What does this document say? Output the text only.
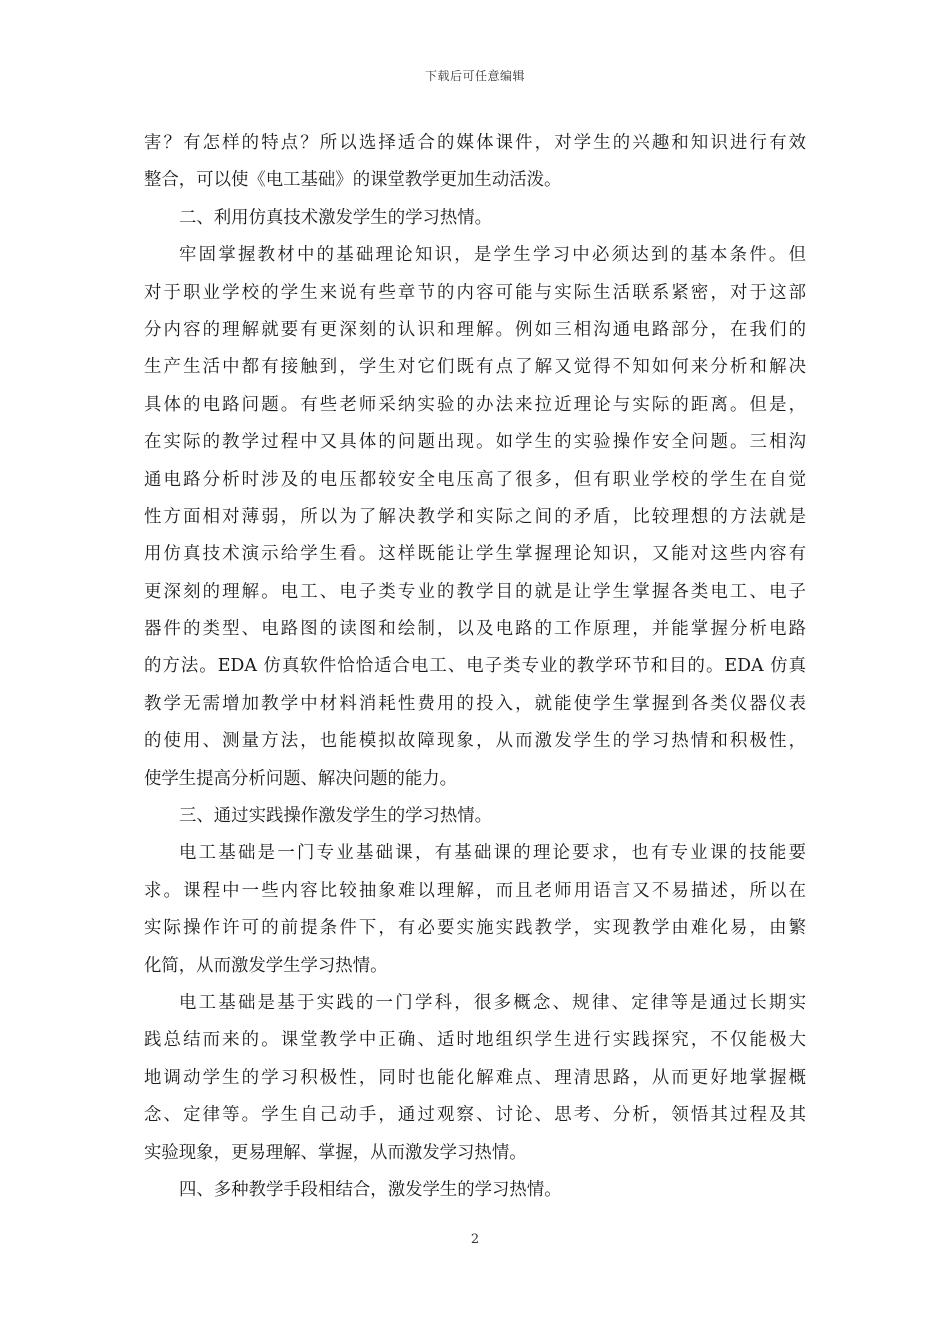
下载后可任意编辑
害？有怎样的特点？所以选择适合的媒体课件，对学生的兴趣和知识进行有效
整合，可以使《电工基础》的课堂教学更加生动活泼。
二、利用仿真技术激发学生的学习热情。
牢固掌握教材中的基础理论知识，是学生学习中必须达到的基本条件。但
对于职业学校的学生来说有些章节的内容可能与实际生活联系紧密，对于这部
分内容的理解就要有更深刻的认识和理解。例如三相沟通电路部分，在我们的
生产生活中都有接触到，学生对它们既有点了解又觉得不知如何来分析和解决
具体的电路问题。有些老师采纳实验的办法来拉近理论与实际的距离。但是，
在实际的教学过程中又具体的问题出现。如学生的实验操作安全问题。三相沟
通电路分析时涉及的电压都较安全电压高了很多，但有职业学校的学生在自觉
性方面相对薄弱，所以为了解决教学和实际之间的矛盾，比较理想的方法就是
用仿真技术演示给学生看。这样既能让学生掌握理论知识，又能对这些内容有
更深刻的理解。电工、电子类专业的教学目的就是让学生掌握各类电工、电子
器件的类型、电路图的读图和绘制，以及电路的工作原理，并能掌握分析电路
的方法。EDA 仿真软件恰恰适合电工、电子类专业的教学环节和目的。EDA 仿真
教学无需增加教学中材料消耗性费用的投入，就能使学生掌握到各类仪器仪表
的使用、测量方法，也能模拟故障现象，从而激发学生的学习热情和积极性，
使学生提高分析问题、解决问题的能力。
三、通过实践操作激发学生的学习热情。
电工基础是一门专业基础课，有基础课的理论要求，也有专业课的技能要
求。课程中一些内容比较抽象难以理解，而且老师用语言又不易描述，所以在
实际操作许可的前提条件下，有必要实施实践教学，实现教学由难化易，由繁
化简，从而激发学生学习热情。
电工基础是基于实践的一门学科，很多概念、规律、定律等是通过长期实
践总结而来的。课堂教学中正确、适时地组织学生进行实践探究，不仅能极大
地调动学生的学习积极性，同时也能化解难点、理清思路，从而更好地掌握概
念、定律等。学生自己动手，通过观察、讨论、思考、分析，领悟其过程及其
实验现象，更易理解、掌握，从而激发学习热情。
四、多种教学手段相结合，激发学生的学习热情。
2
